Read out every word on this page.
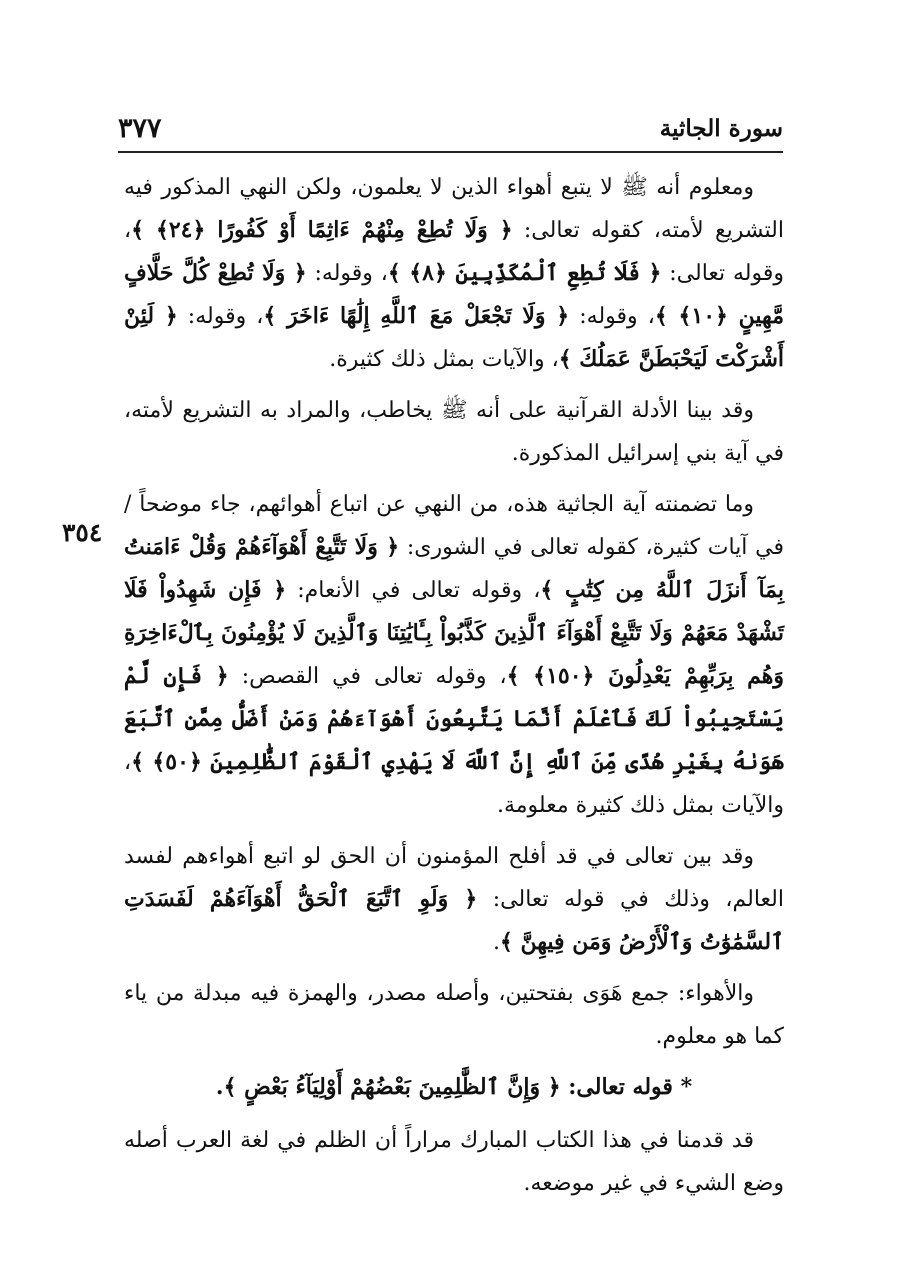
سورة الجاثية
٣٧٧
٣٥٤

ومعلوم أنه ﷺ لا يتبع أهواء الذين لا يعلمون، ولكن النهي المذكور فيه التشريع لأمته، كقوله تعالى: ﴿ وَلَا تُطِعْ مِنْهُمْ ءَاثِمًا أَوْ كَفُورًا ﴿٢٤﴾ ﴾، وقوله تعالى: ﴿ فَلَا تُطِعِ ٱلْمُكَذِّبِينَ ﴿٨﴾ ﴾، وقوله: ﴿ وَلَا تُطِعْ كُلَّ حَلَّافٍ مَّهِينٍ ﴿١٠﴾ ﴾، وقوله: ﴿ وَلَا تَجْعَلْ مَعَ ٱللَّهِ إِلَٰهًا ءَاخَرَ ﴾، وقوله: ﴿ لَئِنْ أَشْرَكْتَ لَيَحْبَطَنَّ عَمَلُكَ ﴾، والآيات بمثل ذلك كثيرة.

وقد بينا الأدلة القرآنية على أنه ﷺ يخاطب، والمراد به التشريع لأمته، في آية بني إسرائيل المذكورة.

وما تضمنته آية الجاثية هذه، من النهي عن اتباع أهوائهم، جاء موضحاً / في آيات كثيرة، كقوله تعالى في الشورى: ﴿ وَلَا تَتَّبِعْ أَهْوَآءَهُمْ وَقُلْ ءَامَنتُ بِمَآ أَنزَلَ ٱللَّهُ مِن كِتَٰبٍ ﴾، وقوله تعالى في الأنعام: ﴿ فَإِن شَهِدُواْ فَلَا تَشْهَدْ مَعَهُمْ وَلَا تَتَّبِعْ أَهْوَآءَ ٱلَّذِينَ كَذَّبُواْ بِـَٔايَٰتِنَا وَٱلَّذِينَ لَا يُؤْمِنُونَ بِٱلْءَاخِرَةِ وَهُم بِرَبِّهِمْ يَعْدِلُونَ ﴿١٥٠﴾ ﴾، وقوله تعالى في القصص: ﴿ فَإِن لَّمْ يَسْتَجِيبُواْ لَكَ فَٱعْلَمْ أَنَّمَا يَتَّبِعُونَ أَهْوَآءَهُمْ وَمَنْ أَضَلُّ مِمَّنِ ٱتَّبَعَ هَوَىٰهُ بِغَيْرِ هُدًى مِّنَ ٱللَّهِ إِنَّ ٱللَّهَ لَا يَهْدِي ٱلْقَوْمَ ٱلظَّٰلِمِينَ ﴿٥٠﴾ ﴾، والآيات بمثل ذلك كثيرة معلومة.

وقد بين تعالى في قد أفلح المؤمنون أن الحق لو اتبع أهواءهم لفسد العالم، وذلك في قوله تعالى: ﴿ وَلَوِ ٱتَّبَعَ ٱلْحَقُّ أَهْوَآءَهُمْ لَفَسَدَتِ ٱلسَّمَٰوَٰتُ وَٱلْأَرْضُ وَمَن فِيهِنَّ ﴾.

والأهواء: جمع هَوَى بفتحتين، وأصله مصدر، والهمزة فيه مبدلة من ياء كما هو معلوم.

* قوله تعالى: ﴿ وَإِنَّ ٱلظَّٰلِمِينَ بَعْضُهُمْ أَوْلِيَآءُ بَعْضٍ ﴾.

قد قدمنا في هذا الكتاب المبارك مراراً أن الظلم في لغة العرب أصله وضع الشيء في غير موضعه.
